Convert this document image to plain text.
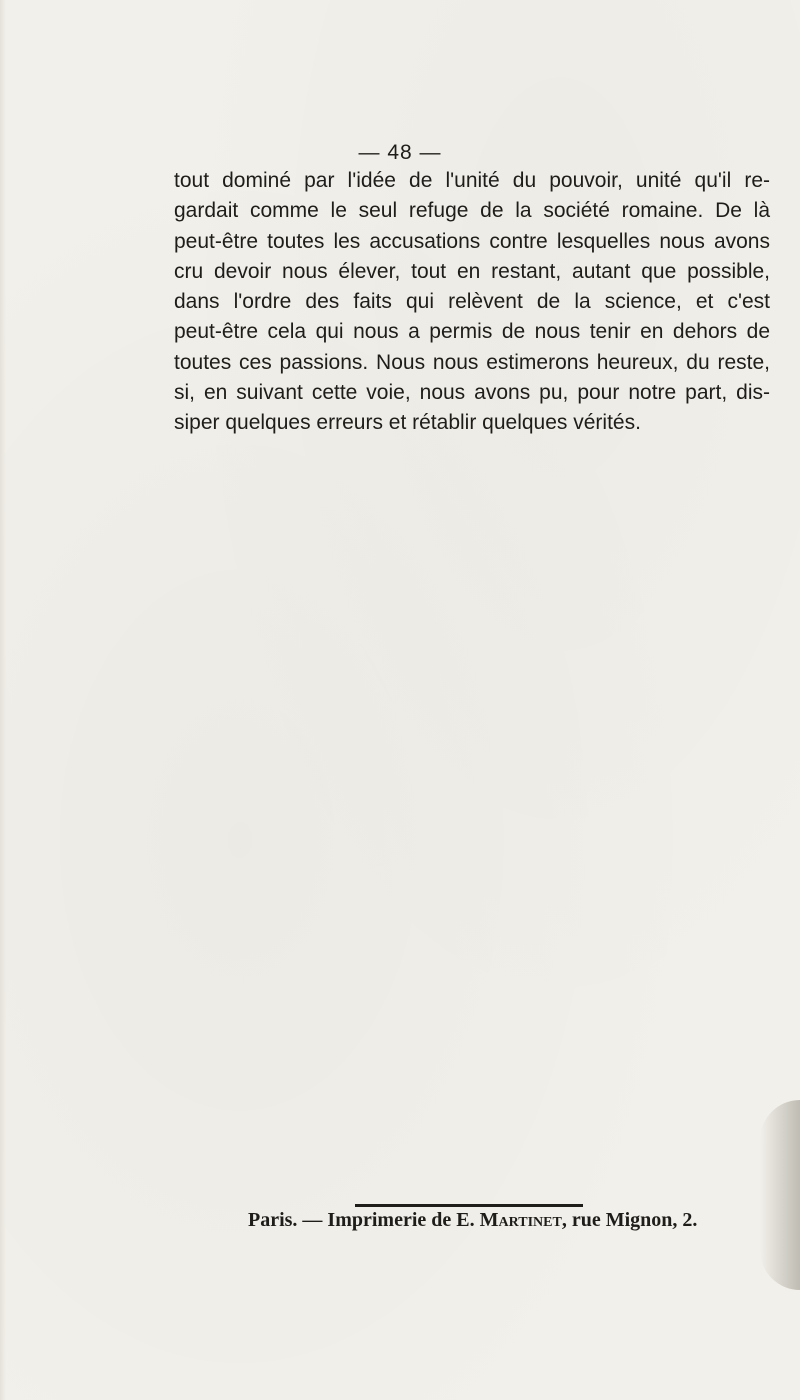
— 48 —

tout dominé par l'idée de l'unité du pouvoir, unité qu'il re-
gardait comme le seul refuge de la société romaine. De là
peut-être toutes les accusations contre lesquelles nous avons
cru devoir nous élever, tout en restant, autant que possible,
dans l'ordre des faits qui relèvent de la science, et c'est
peut-être cela qui nous a permis de nous tenir en dehors de
toutes ces passions. Nous nous estimerons heureux, du reste,
si, en suivant cette voie, nous avons pu, pour notre part, dis-
siper quelques erreurs et rétablir quelques vérités.

Paris. — Imprimerie de E. Martinet, rue Mignon, 2.
